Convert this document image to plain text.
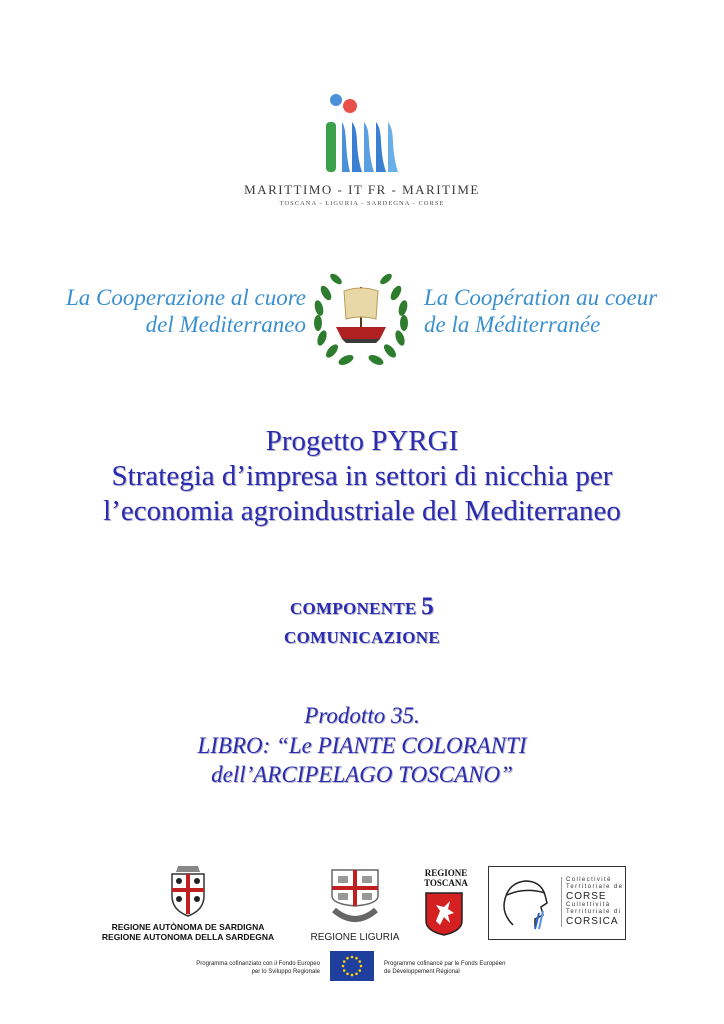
MARITTIMO - IT FR - MARITIME
TOSCANA - LIGURIA - SARDEGNA - CORSE
La Cooperazione al cuore
del Mediterraneo
La Coopération au coeur
de la Méditerranée
Progetto PYRGI
Strategia d’impresa in settori di nicchia per
l’economia agroindustriale del Mediterraneo
COMPONENTE 5
COMUNICAZIONE
Prodotto 35.
LIBRO: “Le PIANTE COLORANTI
dell’ARCIPELAGO TOSCANO”
REGIONE AUTÒNOMA DE SARDIGNA
REGIONE AUTONOMA DELLA SARDEGNA	REGIONE LIGURIA
REGIONE
TOSCANA	Collectivité
Territoriale de
CORSE
Cullettività
Territuriale di
CORSICA
Programma cofinanziato con il Fondo Europeo
per lo Sviluppo Regionale
Programme cofinancé par le Fonds Européen
de Développement Régional
